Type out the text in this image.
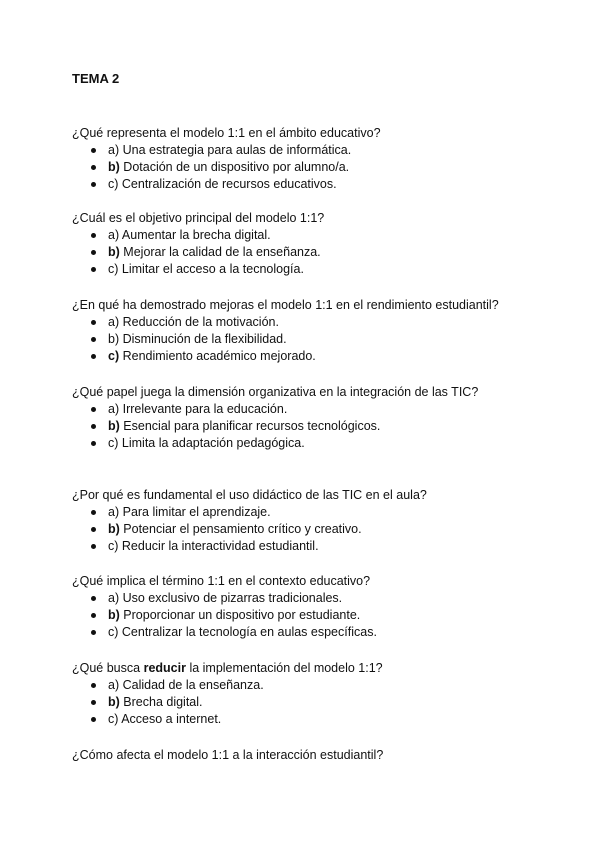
TEMA 2
¿Qué representa el modelo 1:1 en el ámbito educativo?
a) Una estrategia para aulas de informática.
b) Dotación de un dispositivo por alumno/a.
c) Centralización de recursos educativos.
¿Cuál es el objetivo principal del modelo 1:1?
a) Aumentar la brecha digital.
b) Mejorar la calidad de la enseñanza.
c) Limitar el acceso a la tecnología.
¿En qué ha demostrado mejoras el modelo 1:1 en el rendimiento estudiantil?
a) Reducción de la motivación.
b) Disminución de la flexibilidad.
c) Rendimiento académico mejorado.
¿Qué papel juega la dimensión organizativa en la integración de las TIC?
a) Irrelevante para la educación.
b) Esencial para planificar recursos tecnológicos.
c) Limita la adaptación pedagógica.
¿Por qué es fundamental el uso didáctico de las TIC en el aula?
a) Para limitar el aprendizaje.
b) Potenciar el pensamiento crítico y creativo.
c) Reducir la interactividad estudiantil.
¿Qué implica el término 1:1 en el contexto educativo?
a) Uso exclusivo de pizarras tradicionales.
b) Proporcionar un dispositivo por estudiante.
c) Centralizar la tecnología en aulas específicas.
¿Qué busca reducir la implementación del modelo 1:1?
a) Calidad de la enseñanza.
b) Brecha digital.
c) Acceso a internet.
¿Cómo afecta el modelo 1:1 a la interacción estudiantil?
